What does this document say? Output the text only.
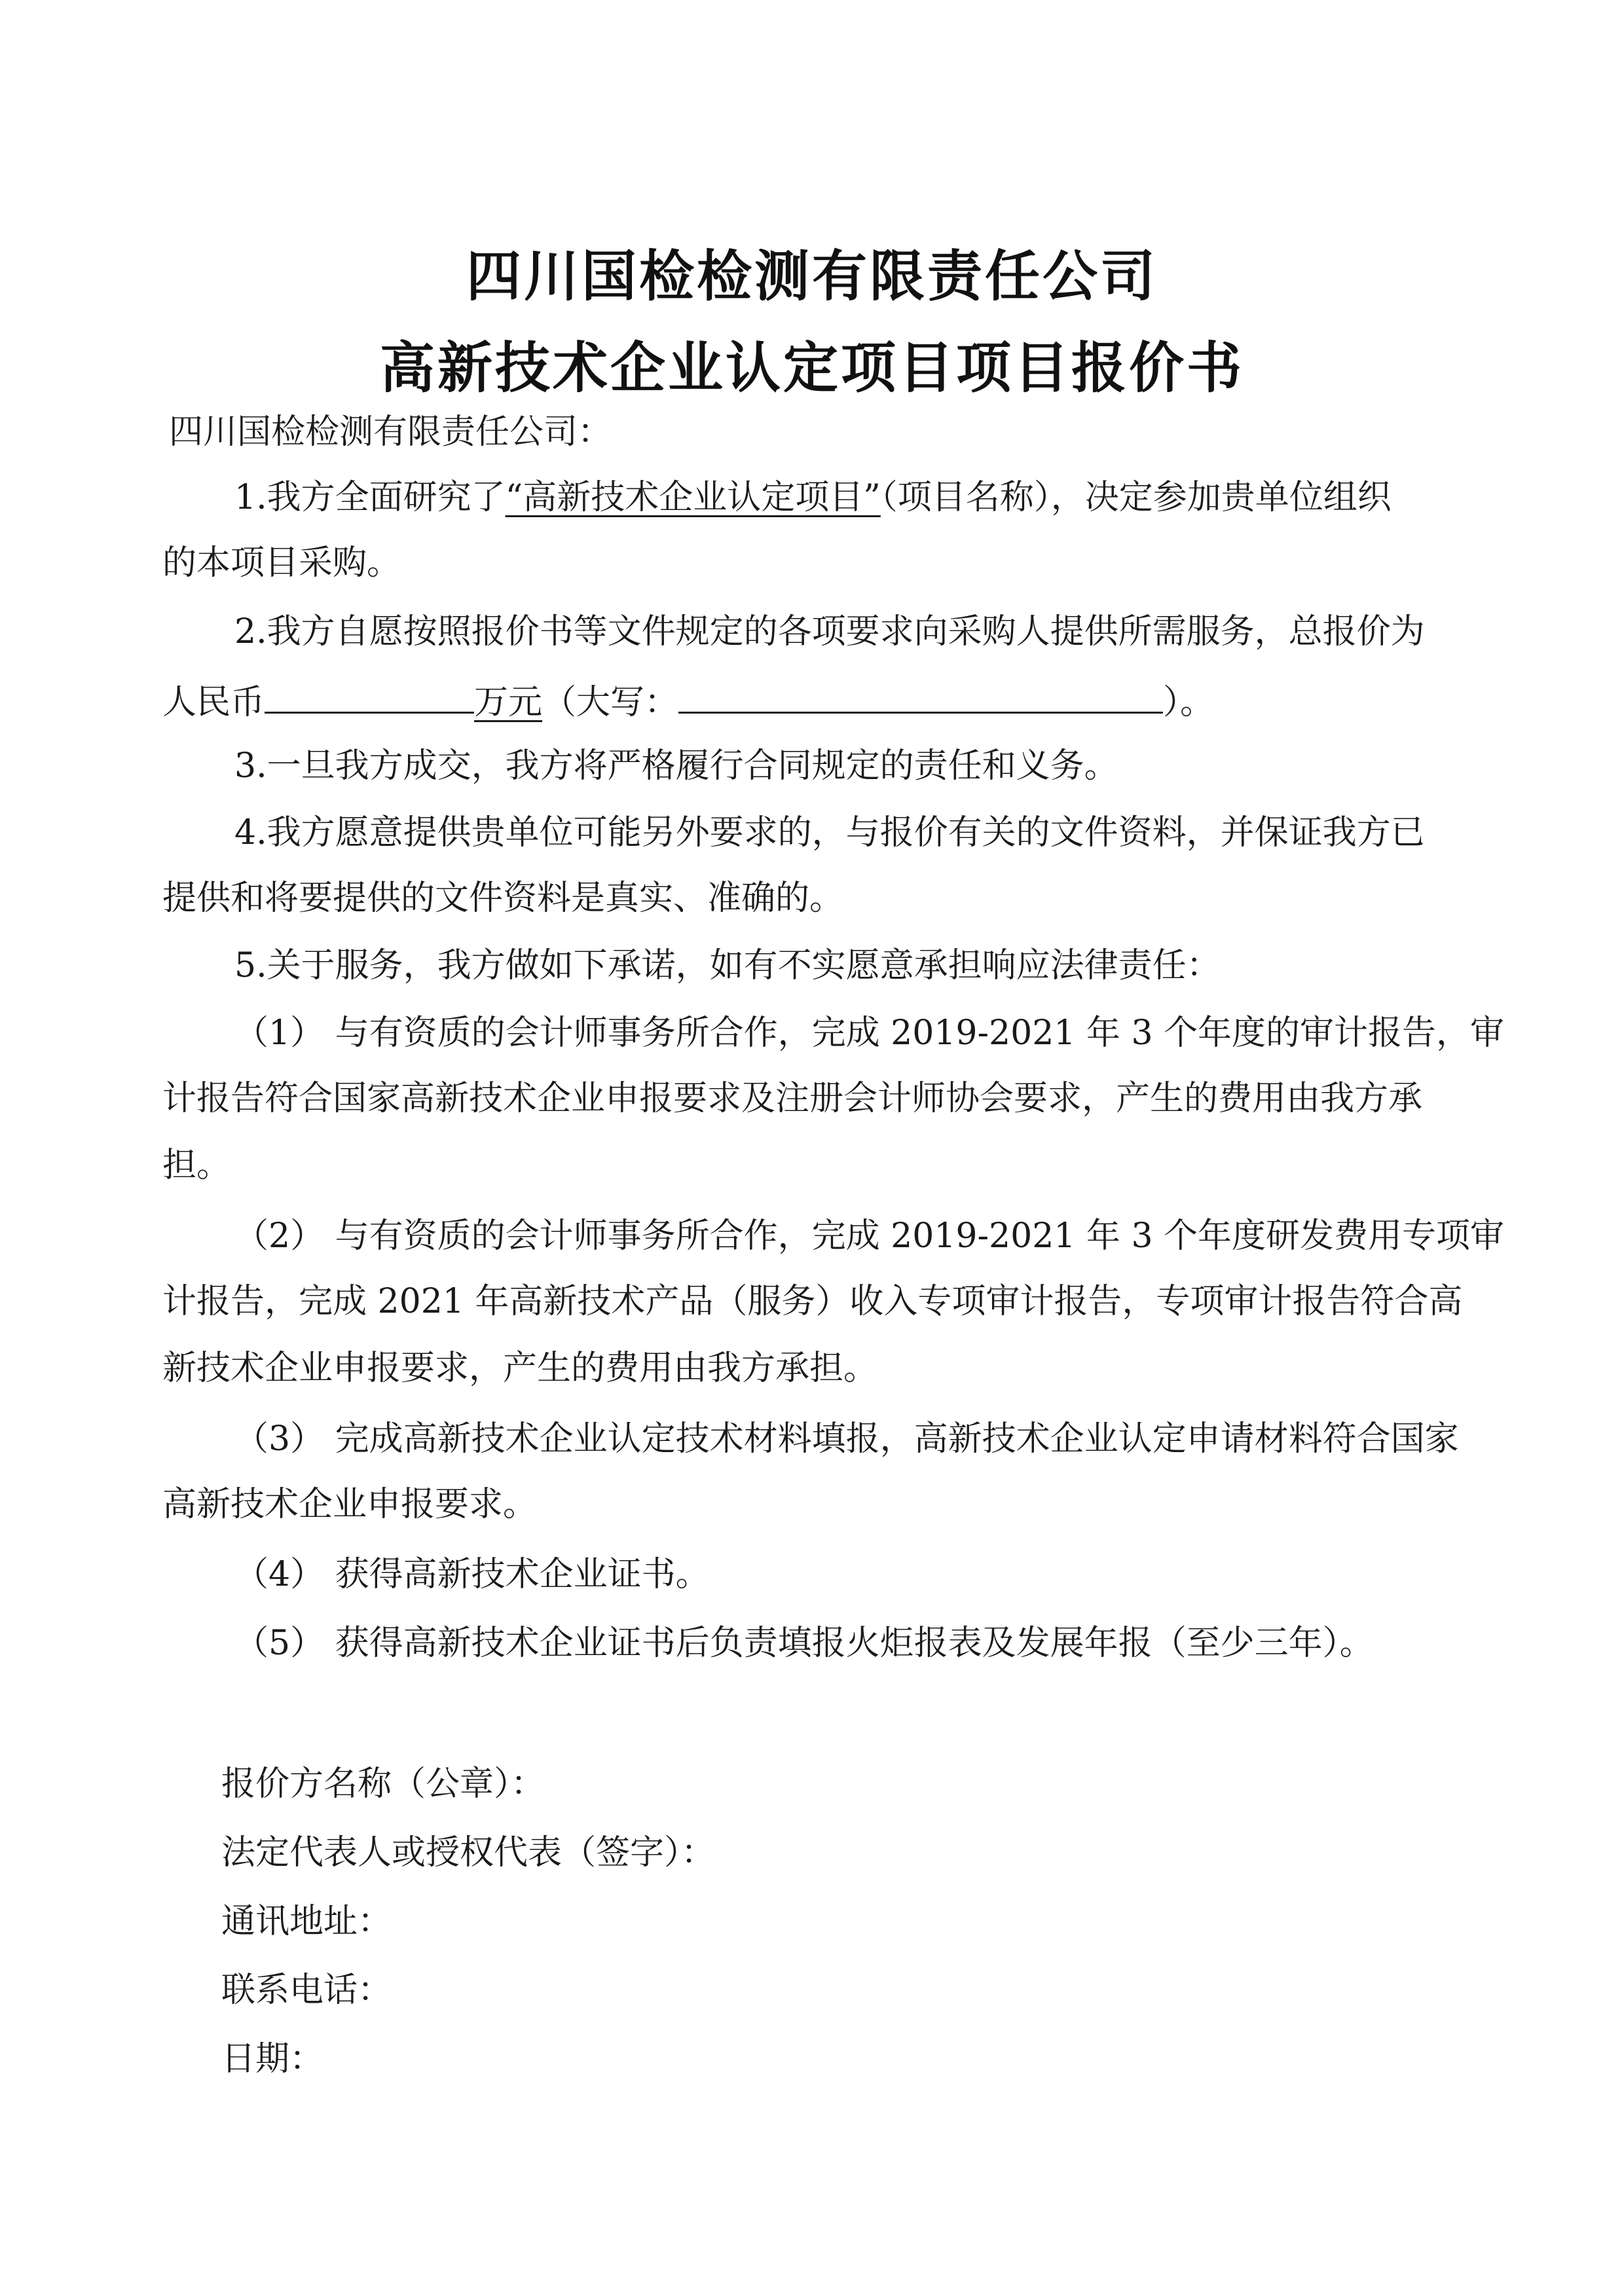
四川国检检测有限责任公司
高新技术企业认定项目项目报价书
四川国检检测有限责任公司：
1.我方全面研究了“高新技术企业认定项目”（项目名称），决定参加贵单位组织
的本项目采购。
2.我方自愿按照报价书等文件规定的各项要求向采购人提供所需服务，总报价为
人民币	万元（大写：	）。
3.一旦我方成交，我方将严格履行合同规定的责任和义务。
4.我方愿意提供贵单位可能另外要求的，与报价有关的文件资料，并保证我方已
提供和将要提供的文件资料是真实、准确的。
5.关于服务，我方做如下承诺，如有不实愿意承担响应法律责任：
（1） 与有资质的会计师事务所合作，完成 2019-2021 年 3 个年度的审计报告，审
计报告符合国家高新技术企业申报要求及注册会计师协会要求，产生的费用由我方承
担。
（2） 与有资质的会计师事务所合作，完成 2019-2021 年 3 个年度研发费用专项审
计报告，完成 2021 年高新技术产品（服务）收入专项审计报告，专项审计报告符合高
新技术企业申报要求，产生的费用由我方承担。
（3） 完成高新技术企业认定技术材料填报，高新技术企业认定申请材料符合国家
高新技术企业申报要求。
（4） 获得高新技术企业证书。
（5） 获得高新技术企业证书后负责填报火炬报表及发展年报（至少三年）。
报价方名称（公章）：
法定代表人或授权代表（签字）：
通讯地址：
联系电话：
日期：
